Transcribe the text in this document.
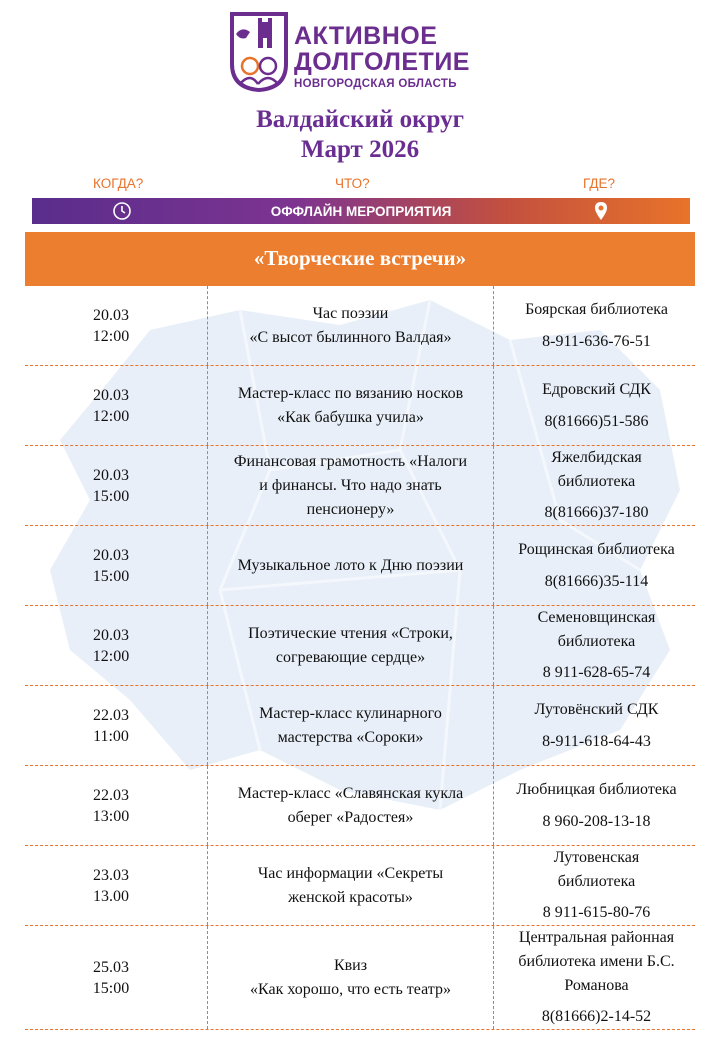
АКТИВНОЕ
ДОЛГОЛЕТИЕ
НОВГОРОДСКАЯ ОБЛАСТЬ
Валдайский округ
Март 2026
КОГДА?	ЧТО?	ГДЕ?
ОФФЛАЙН МЕРОПРИЯТИЯ
«Творческие встречи»
20.03
12:00
Час поэзии
«С высот былинного Валдая»
Боярская библиотека
8-911-636-76-51
20.03
12:00
Мастер-класс по вязанию носков
«Как бабушка учила»
Едровский СДК
8(81666)51-586
20.03
15:00
Финансовая грамотность «Налоги
и финансы. Что надо знать
пенсионеру»
Яжелбидская
библиотека
8(81666)37-180
20.03
15:00
Музыкальное лото к Дню поэзии
Рощинская библиотека
8(81666)35-114
20.03
12:00
Поэтические чтения «Строки,
согревающие сердце»
Семеновщинская
библиотека
8 911-628-65-74
22.03
11:00
Мастер-класс кулинарного
мастерства «Сороки»
Лутовёнский СДК
8-911-618-64-43
22.03
13:00
Мастер-класс «Славянская кукла
оберег «Радостея»
Любницкая библиотека
8 960-208-13-18
23.03
13.00
Час информации «Секреты
женской красоты»
Лутовенская
библиотека
8 911-615-80-76
25.03
15:00
Квиз
«Как хорошо, что есть театр»
Центральная районная
библиотека имени Б.С.
Романова
8(81666)2-14-52
